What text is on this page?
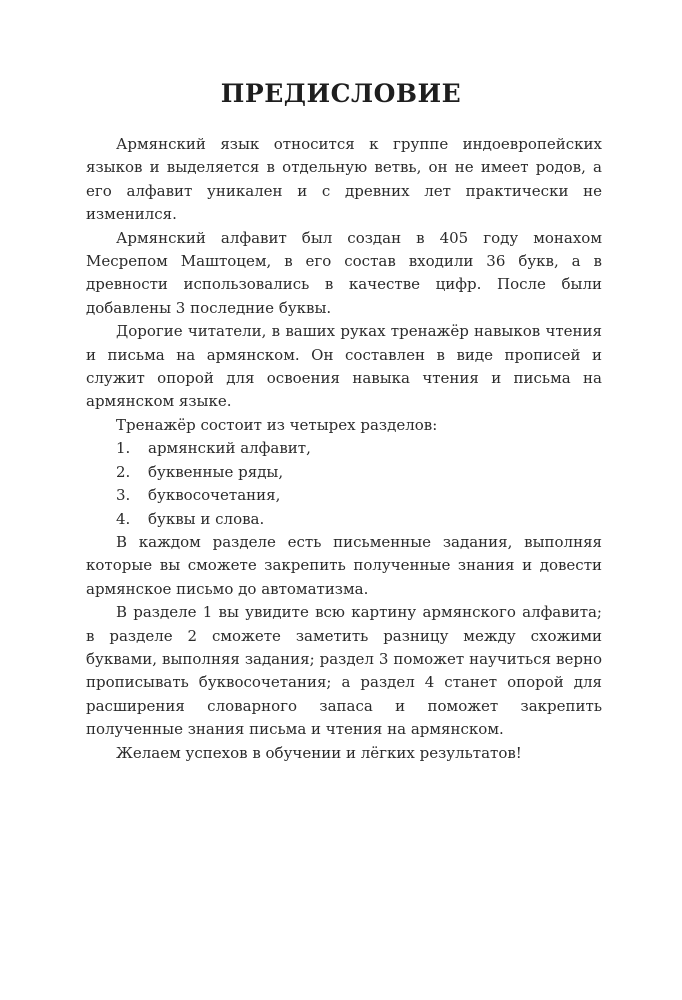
ПРЕДИСЛОВИЕ

Армянский язык относится к группе индоевропейских языков и выделяется в отдельную ветвь, он не имеет родов, а его алфавит уникален и с древних лет практически не изменился.

Армянский алфавит был создан в 405 году монахом Месрепом Маштоцем, в его состав входили 36 букв, а в древности использовались в качестве цифр. После были добавлены 3 последние буквы.

Дорогие читатели, в ваших руках тренажёр навыков чтения и письма на армянском. Он составлен в виде прописей и служит опорой для освоения навыка чтения и письма на армянском языке.

Тренажёр состоит из четырех разделов:

1.	армянский алфавит,
2.	буквенные ряды,
3.	буквосочетания,
4.	буквы и слова.

В каждом разделе есть письменные задания, выполняя которые вы сможете закрепить полученные знания и довести армянское письмо до автоматизма.

В разделе 1 вы увидите всю картину армянского алфавита; в разделе 2 сможете заметить разницу между схожими буквами, выполняя задания; раздел 3 поможет научиться верно прописывать буквосочетания; а раздел 4 станет опорой для расширения словарного запаса и поможет закрепить полученные знания письма и чтения на армянском.

Желаем успехов в обучении и лёгких результатов!
